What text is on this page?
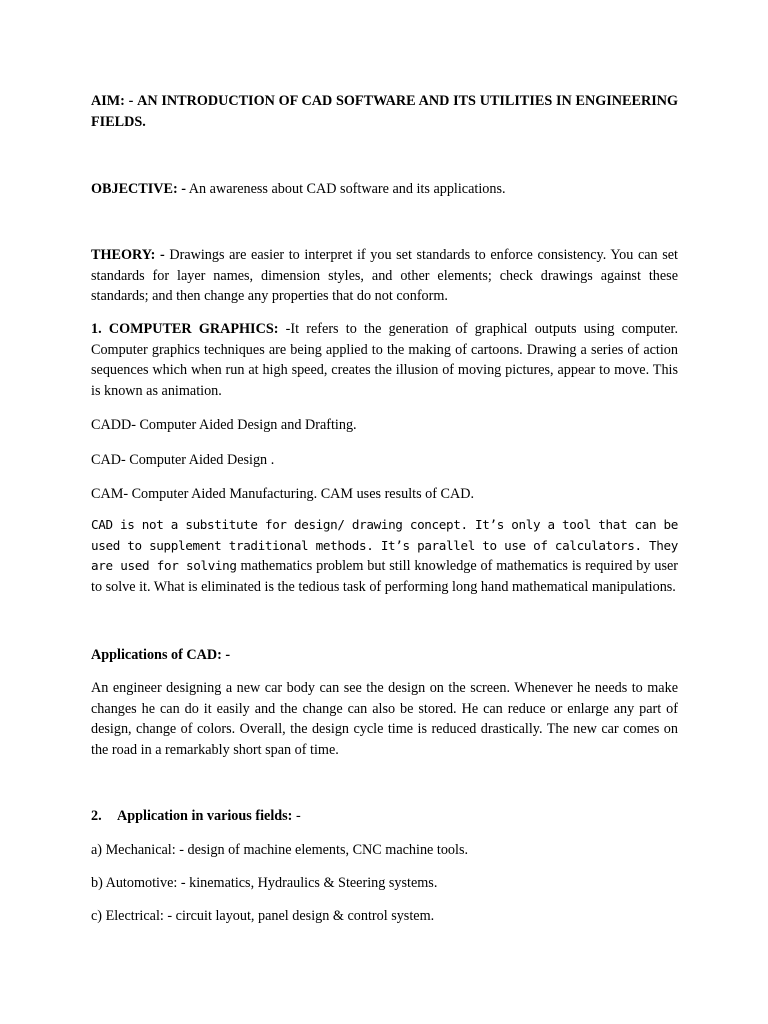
AIM: - AN INTRODUCTION OF CAD SOFTWARE AND ITS UTILITIES IN ENGINEERING FIELDS.

OBJECTIVE: - An awareness about CAD software and its applications.

THEORY: - Drawings are easier to interpret if you set standards to enforce consistency. You can set standards for layer names, dimension styles, and other elements; check drawings against these standards; and then change any properties that do not conform.

1. COMPUTER GRAPHICS: -It refers to the generation of graphical outputs using computer. Computer graphics techniques are being applied to the making of cartoons. Drawing a series of action sequences which when run at high speed, creates the illusion of moving pictures, appear to move. This is known as animation.

CADD- Computer Aided Design and Drafting.

CAD- Computer Aided Design .

CAM- Computer Aided Manufacturing. CAM uses results of CAD.

CAD is not a substitute for design/ drawing concept. It’s only a tool that can be used to supplement traditional methods. It’s parallel to use of calculators. They are used for solving mathematics problem but still knowledge of mathematics is required by user to solve it. What is eliminated is the tedious task of performing long hand mathematical manipulations.

Applications of CAD: -

An engineer designing a new car body can see the design on the screen. Whenever he needs to make changes he can do it easily and the change can also be stored. He can reduce or enlarge any part of design, change of colors. Overall, the design cycle time is reduced drastically. The new car comes on the road in a remarkably short span of time.

2. Application in various fields: -

a) Mechanical: - design of machine elements, CNC machine tools.

b) Automotive: - kinematics, Hydraulics & Steering systems.

c) Electrical: - circuit layout, panel design & control system.
